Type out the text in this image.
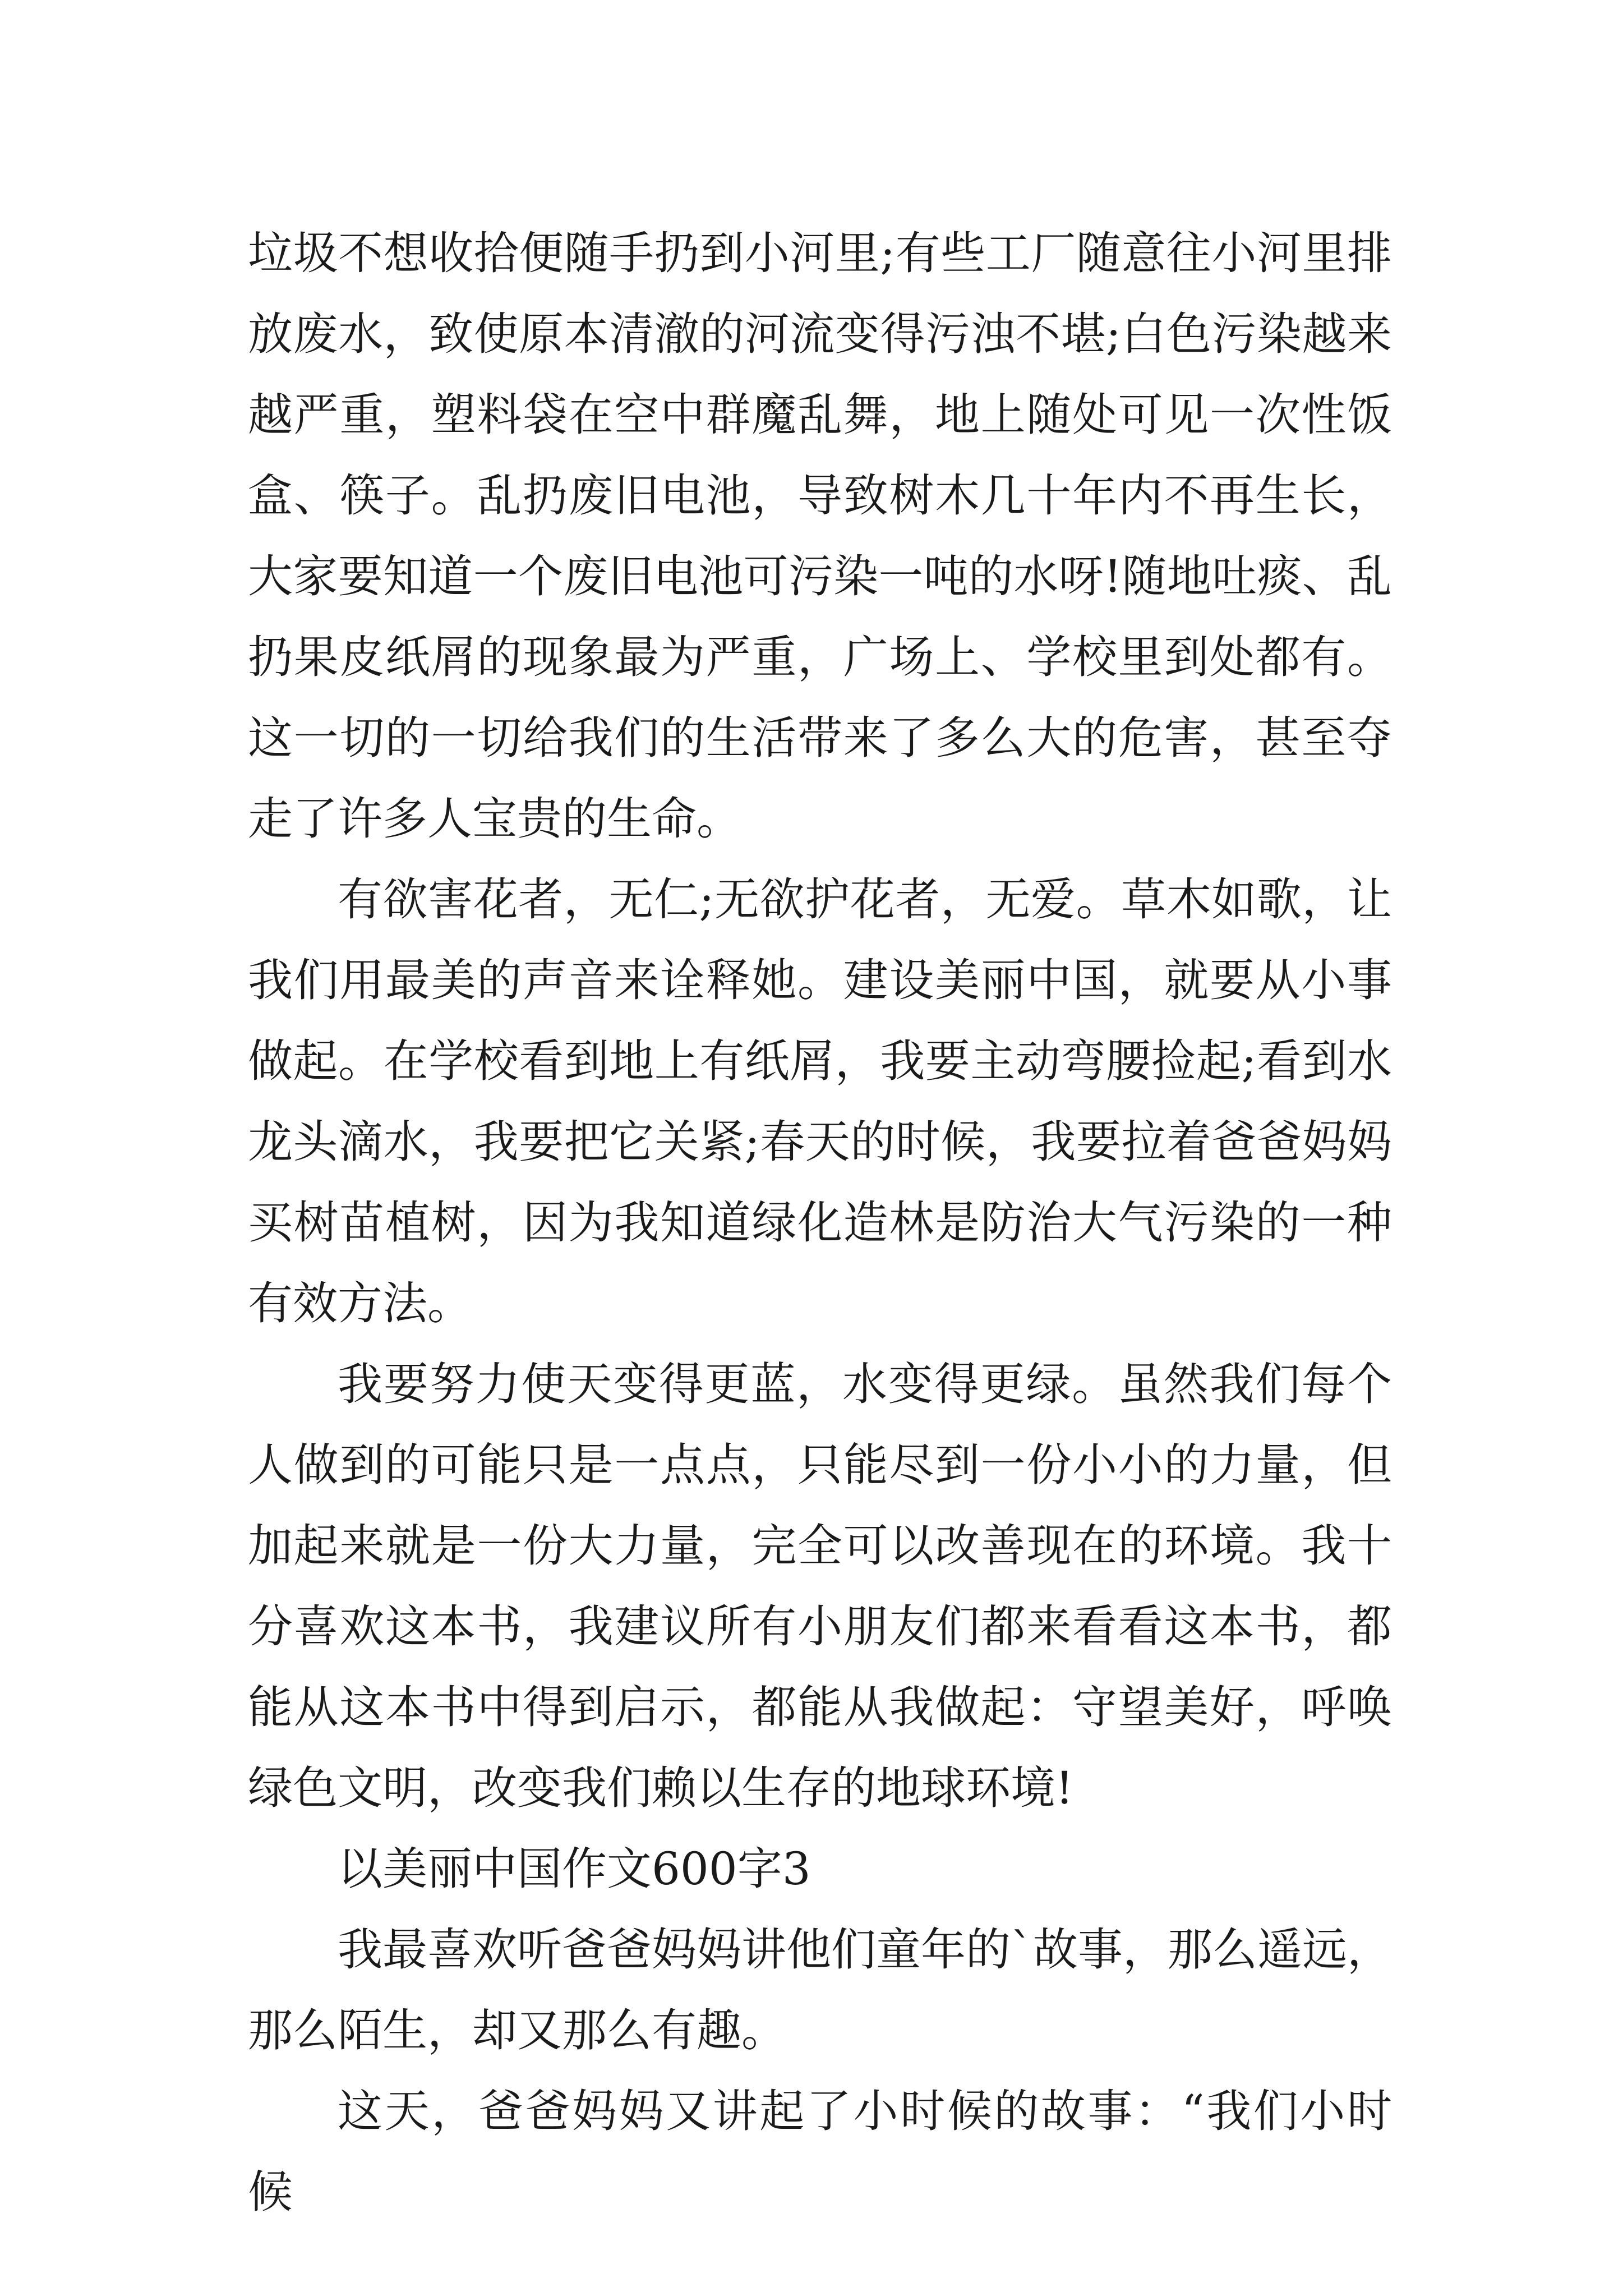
垃圾不想收拾便随手扔到小河里;有些工厂随意往小河里排放废水，致使原本清澈的河流变得污浊不堪;白色污染越来越严重，塑料袋在空中群魔乱舞，地上随处可见一次性饭盒、筷子。乱扔废旧电池，导致树木几十年内不再生长，大家要知道一个废旧电池可污染一吨的水呀!随地吐痰、乱扔果皮纸屑的现象最为严重，广场上、学校里到处都有。这一切的一切给我们的生活带来了多么大的危害，甚至夺走了许多人宝贵的生命。

有欲害花者，无仁;无欲护花者，无爱。草木如歌，让我们用最美的声音来诠释她。建设美丽中国，就要从小事做起。在学校看到地上有纸屑，我要主动弯腰捡起;看到水龙头滴水，我要把它关紧;春天的时候，我要拉着爸爸妈妈买树苗植树，因为我知道绿化造林是防治大气污染的一种有效方法。

我要努力使天变得更蓝，水变得更绿。虽然我们每个人做到的可能只是一点点，只能尽到一份小小的力量，但加起来就是一份大力量，完全可以改善现在的环境。我十分喜欢这本书，我建议所有小朋友们都来看看这本书，都能从这本书中得到启示，都能从我做起：守望美好，呼唤绿色文明，改变我们赖以生存的地球环境!

以美丽中国作文600字3

我最喜欢听爸爸妈妈讲他们童年的`故事，那么遥远，那么陌生，却又那么有趣。

这天，爸爸妈妈又讲起了小时候的故事：“我们小时候
